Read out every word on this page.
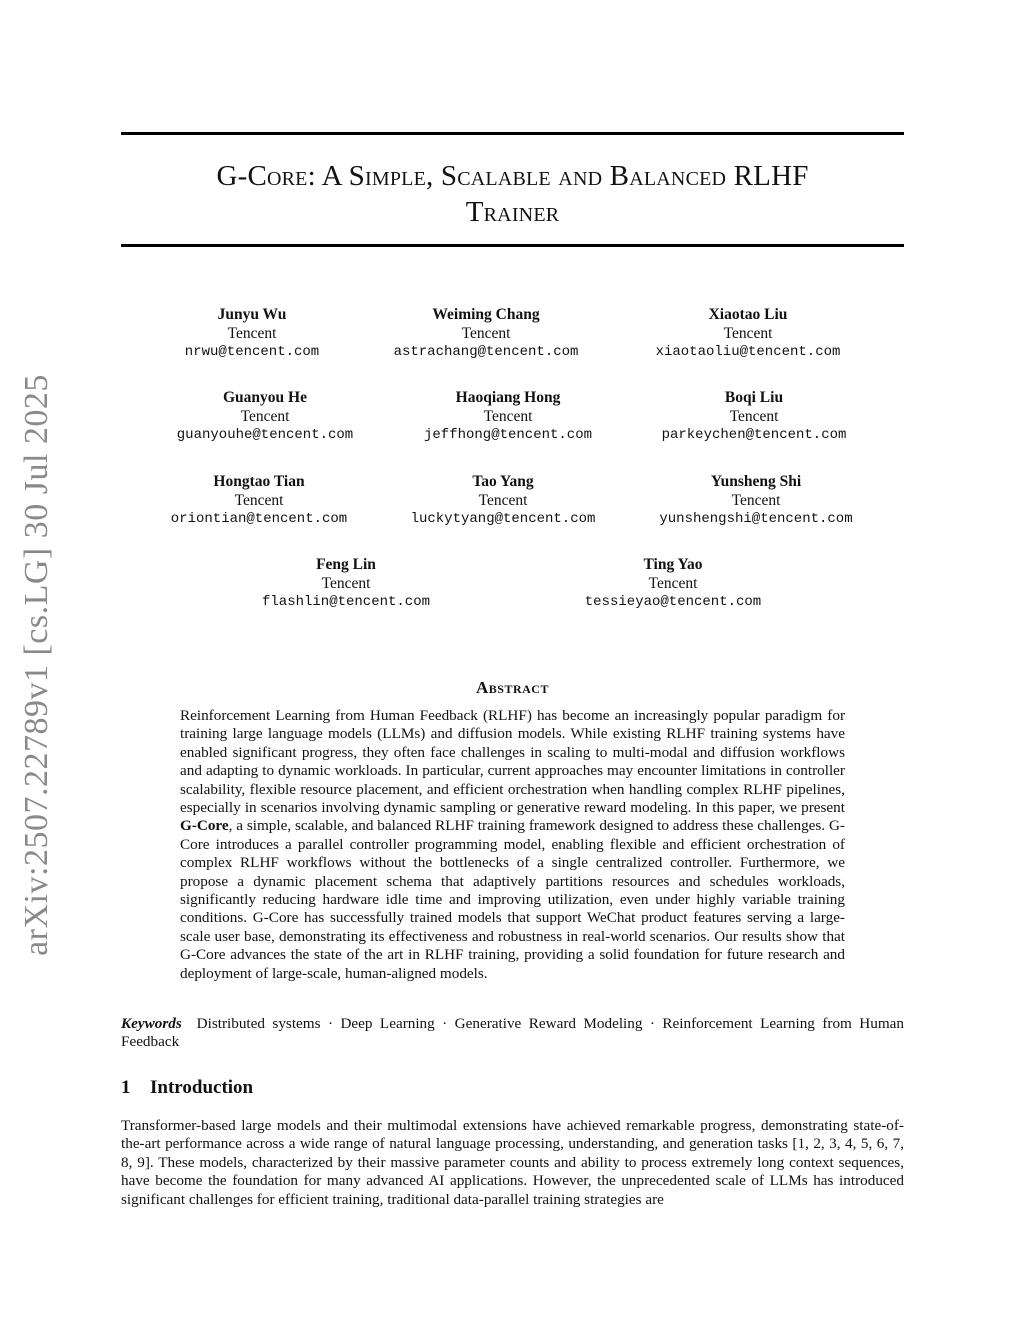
arXiv:2507.22789v1 [cs.LG] 30 Jul 2025
G-Core: A Simple, Scalable and Balanced RLHF
Trainer
Junyu Wu
Tencent
nrwu@tencent.com
Weiming Chang
Tencent
astrachang@tencent.com
Xiaotao Liu
Tencent
xiaotaoliu@tencent.com
Guanyou He
Tencent
guanyouhe@tencent.com
Haoqiang Hong
Tencent
jeffhong@tencent.com
Boqi Liu
Tencent
parkeychen@tencent.com
Hongtao Tian
Tencent
oriontian@tencent.com
Tao Yang
Tencent
luckytyang@tencent.com
Yunsheng Shi
Tencent
yunshengshi@tencent.com
Feng Lin
Tencent
flashlin@tencent.com
Ting Yao
Tencent
tessieyao@tencent.com
Abstract
Reinforcement Learning from Human Feedback (RLHF) has become an increasingly popular paradigm for training large language models (LLMs) and diffusion models. While existing RLHF training systems have enabled significant progress, they often face challenges in scaling to multi-modal and diffusion workflows and adapting to dynamic workloads. In particular, current approaches may encounter limitations in controller scalability, flexible resource placement, and efficient orchestration when handling complex RLHF pipelines, especially in scenarios involving dynamic sampling or generative reward modeling. In this paper, we present G-Core, a simple, scalable, and balanced RLHF training framework designed to address these challenges. G-Core introduces a parallel controller programming model, enabling flexible and efficient orchestration of complex RLHF workflows without the bottlenecks of a single centralized controller. Furthermore, we propose a dynamic placement schema that adaptively partitions resources and schedules workloads, significantly reducing hardware idle time and improving utilization, even under highly variable training conditions. G-Core has successfully trained models that support WeChat product features serving a large-scale user base, demonstrating its effectiveness and robustness in real-world scenarios. Our results show that G-Core advances the state of the art in RLHF training, providing a solid foundation for future research and deployment of large-scale, human-aligned models.
Keywords Distributed systems · Deep Learning · Generative Reward Modeling · Reinforcement Learning from Human Feedback
1 Introduction
Transformer-based large models and their multimodal extensions have achieved remarkable progress, demonstrating state-of-the-art performance across a wide range of natural language processing, understanding, and generation tasks [1, 2, 3, 4, 5, 6, 7, 8, 9]. These models, characterized by their massive parameter counts and ability to process extremely long context sequences, have become the foundation for many advanced AI applications. However, the unprecedented scale of LLMs has introduced significant challenges for efficient training, traditional data-parallel training strategies are
